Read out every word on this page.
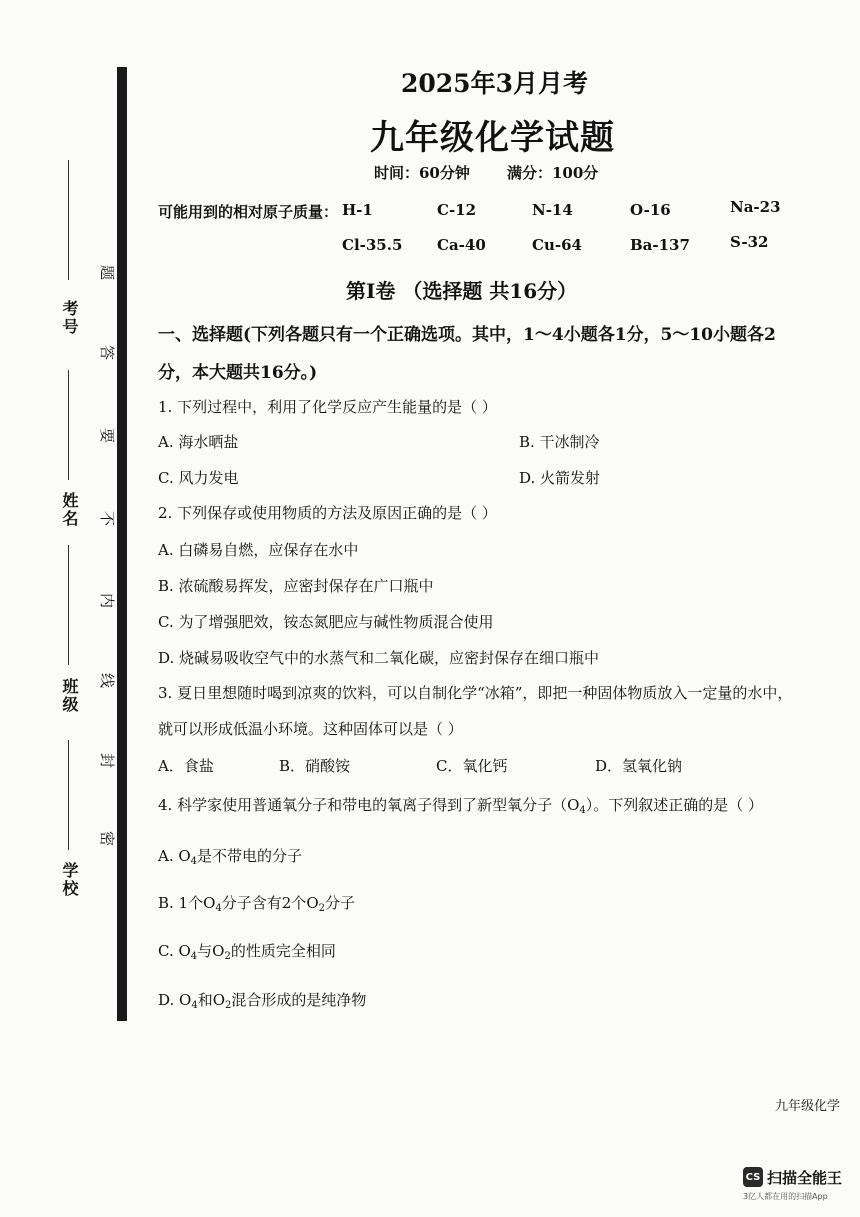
考号
姓名
班级
学校
题
答
要
不
内
线
封
密
2025年3月月考
九年级化学试题
时间：60分钟 满分：100分
可能用到的相对原子质量： H-1	C-12	N-14	O-16	Na-23
Cl-35.5 Ca-40	Cu-64	Ba-137	S-32
第Ⅰ卷 （选择题 共16分）
一、选择题(下列各题只有一个正确选项。其中，1～4小题各1分，5～10小题各2
分，本大题共16分。)
1. 下列过程中，利用了化学反应产生能量的是（ ）
A. 海水晒盐	B. 干冰制冷
C. 风力发电	D. 火箭发射
2. 下列保存或使用物质的方法及原因正确的是（ ）
A. 白磷易自燃，应保存在水中
B. 浓硫酸易挥发，应密封保存在广口瓶中
C. 为了增强肥效，铵态氮肥应与碱性物质混合使用
D. 烧碱易吸收空气中的水蒸气和二氧化碳，应密封保存在细口瓶中
3. 夏日里想随时喝到凉爽的饮料，可以自制化学“冰箱”，即把一种固体物质放入一定量的水中，
就可以形成低温小环境。这种固体可以是（ ）
A．食盐	B．硝酸铵	C．氧化钙	D．氢氧化钠
4. 科学家使用普通氧分子和带电的氧离子得到了新型氧分子$(O_4)$。下列叙述正确的是（ ）
A. $O_4$是不带电的分子
B. 1个$O_4$分子含有2个$O_2$分子
C. $O_4$与$O_2$的性质完全相同
D. $O_4$和$O_2$混合形成的是纯净物
九年级化学
CS 扫描全能王
3亿人都在用的扫描App
